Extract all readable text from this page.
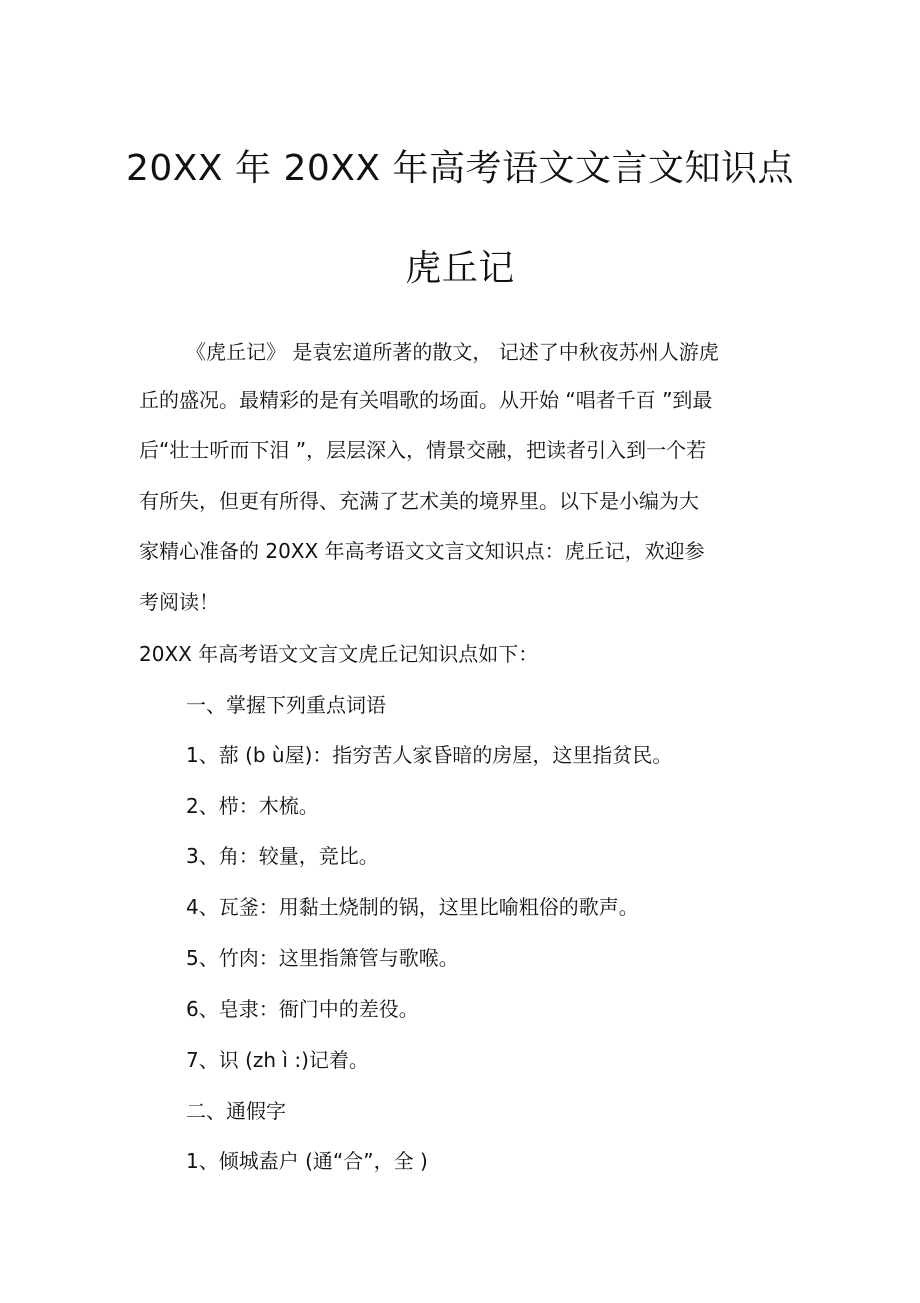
20XX 年 20XX 年高考语文文言文知识点
虎丘记

《虎丘记》 是袁宏道所著的散文， 记述了中秋夜苏州人游虎

丘的盛况。最精彩的是有关唱歌的场面。从开始 “唱者千百 ”到最

后“壮士听而下泪 ”，层层深入，情景交融，把读者引入到一个若

有所失，但更有所得、充满了艺术美的境界里。以下是小编为大

家精心准备的 20XX 年高考语文文言文知识点：虎丘记，欢迎参

考阅读！

20XX 年高考语文文言文虎丘记知识点如下：

一、掌握下列重点词语

1、蔀 (b ù屋)：指穷苦人家昏暗的房屋，这里指贫民。

2、栉：木梳。

3、角：较量，竞比。

4、瓦釜：用黏土烧制的锅，这里比喻粗俗的歌声。

5、竹肉：这里指箫管与歌喉。

6、皂隶：衙门中的差役。

7、识 (zh ì :)记着。

二、通假字

1、倾城盍户 (通“合”，全 )
